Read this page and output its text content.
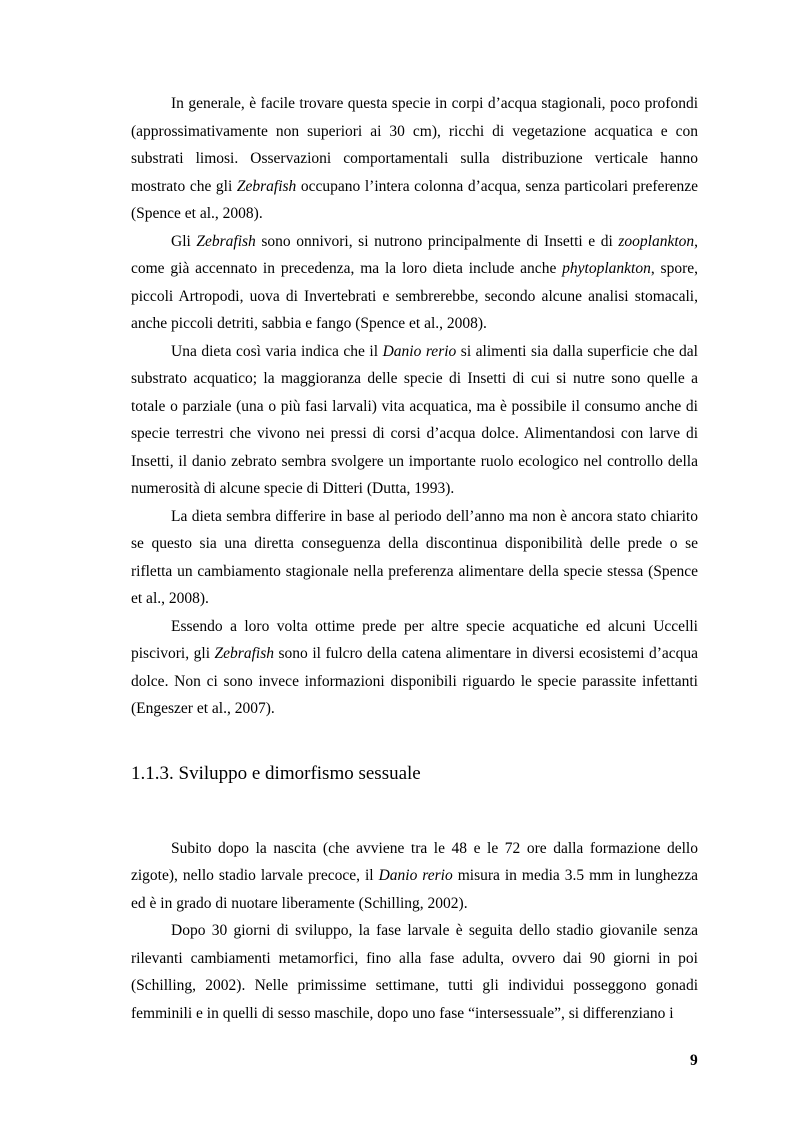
In generale, è facile trovare questa specie in corpi d’acqua stagionali, poco profondi (approssimativamente non superiori ai 30 cm), ricchi di vegetazione acquatica e con substrati limosi. Osservazioni comportamentali sulla distribuzione verticale hanno mostrato che gli Zebrafish occupano l’intera colonna d’acqua, senza particolari preferenze (Spence et al., 2008).

Gli Zebrafish sono onnivori, si nutrono principalmente di Insetti e di zooplankton, come già accennato in precedenza, ma la loro dieta include anche phytoplankton, spore, piccoli Artropodi, uova di Invertebrati e sembrerebbe, secondo alcune analisi stomacali, anche piccoli detriti, sabbia e fango (Spence et al., 2008).

Una dieta così varia indica che il Danio rerio si alimenti sia dalla superficie che dal substrato acquatico; la maggioranza delle specie di Insetti di cui si nutre sono quelle a totale o parziale (una o più fasi larvali) vita acquatica, ma è possibile il consumo anche di specie terrestri che vivono nei pressi di corsi d’acqua dolce. Alimentandosi con larve di Insetti, il danio zebrato sembra svolgere un importante ruolo ecologico nel controllo della numerosità di alcune specie di Ditteri (Dutta, 1993).

La dieta sembra differire in base al periodo dell’anno ma non è ancora stato chiarito se questo sia una diretta conseguenza della discontinua disponibilità delle prede o se rifletta un cambiamento stagionale nella preferenza alimentare della specie stessa (Spence et al., 2008).

Essendo a loro volta ottime prede per altre specie acquatiche ed alcuni Uccelli piscivori, gli Zebrafish sono il fulcro della catena alimentare in diversi ecosistemi d’acqua dolce. Non ci sono invece informazioni disponibili riguardo le specie parassite infettanti (Engeszer et al., 2007).

1.1.3. Sviluppo e dimorfismo sessuale

Subito dopo la nascita (che avviene tra le 48 e le 72 ore dalla formazione dello zigote), nello stadio larvale precoce, il Danio rerio misura in media 3.5 mm in lunghezza ed è in grado di nuotare liberamente (Schilling, 2002).

Dopo 30 giorni di sviluppo, la fase larvale è seguita dello stadio giovanile senza rilevanti cambiamenti metamorfici, fino alla fase adulta, ovvero dai 90 giorni in poi (Schilling, 2002). Nelle primissime settimane, tutti gli individui posseggono gonadi femminili e in quelli di sesso maschile, dopo uno fase “intersessuale”, si differenziano i

9
